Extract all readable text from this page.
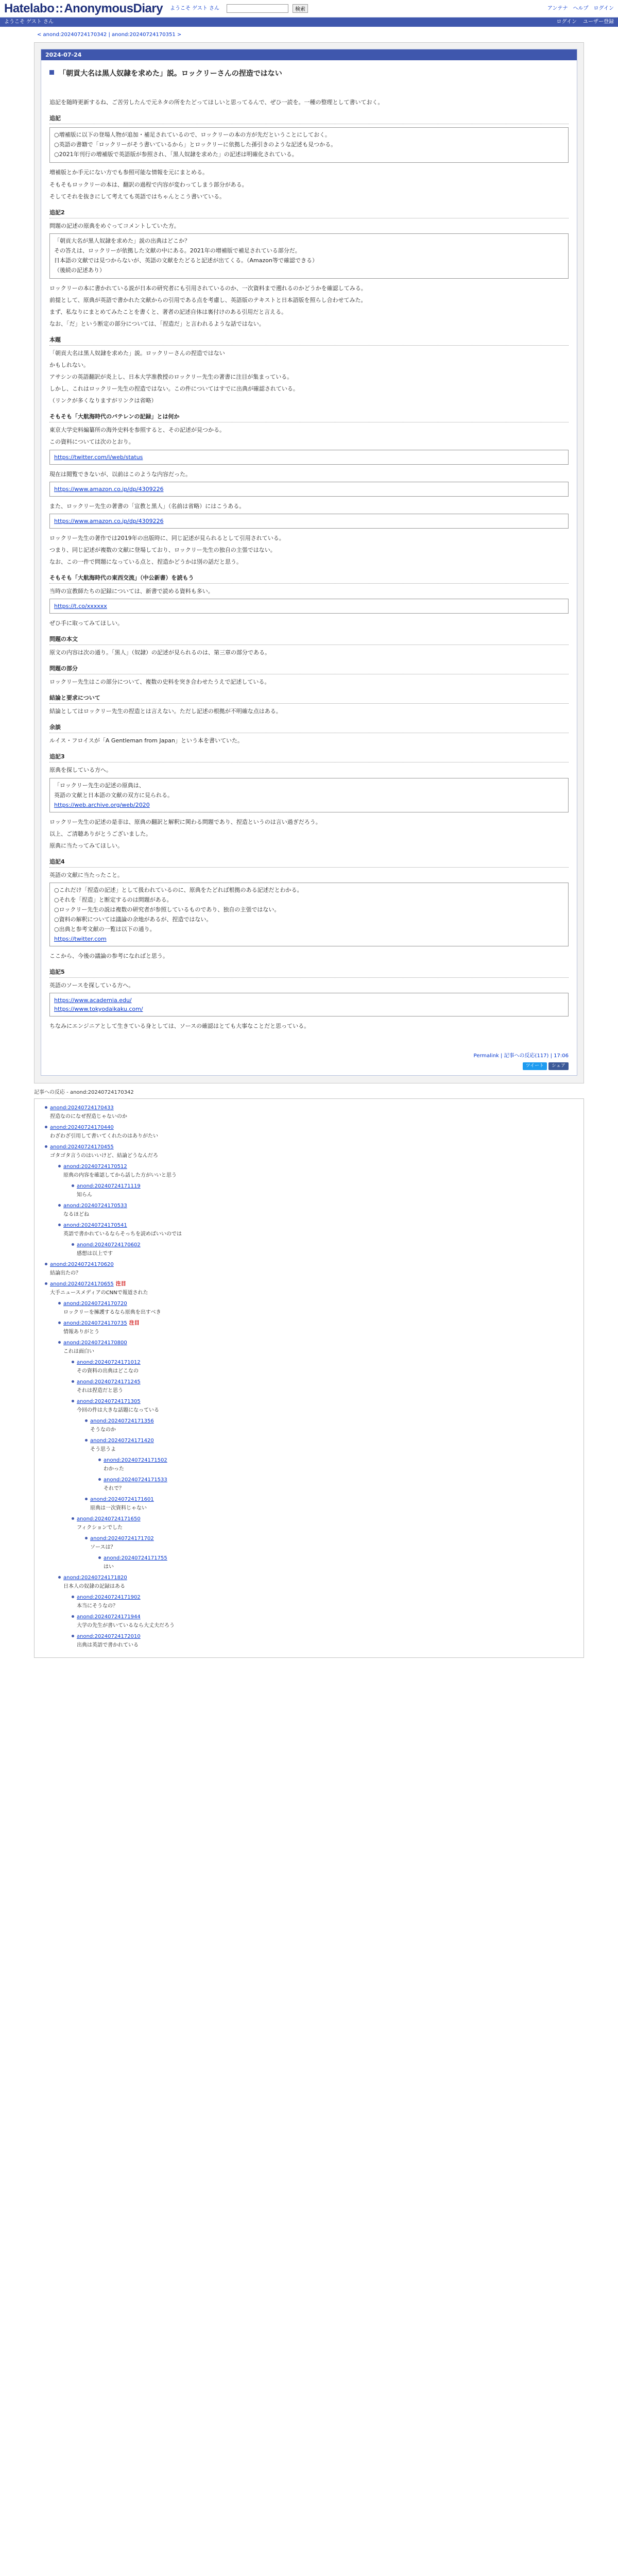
Hatelabo::AnonymousDiary ようこそ ゲスト さん	検索	アンテナ ヘルプ ログイン
ようこそ ゲスト さん	ログイン ユーザー登録
< anond:20240724170342 | anond:20240724170351 >
2024-07-24
「朝貢大名は黒人奴隷を求めた」説。ロックリーさんの捏造ではない

追記を随時更新するね、ご苦労したんで元ネタの所をたどってほしいと思ってるんで、ぜひ一読を。一種の整理として書いておく。

追記

○増補版に以下の登場人物が追加・補足されているので、ロックリーの本の方が先だということにしておく。

○英語の書籍で「ロックリーがそう書いているから」とロックリーに依拠した孫引きのような記述も見つかる。

○2021年刊行の増補版で英語版が参照され、「黒人奴隷を求めた」の記述は明確化されている。

増補版とか手元にない方でも参照可能な情報を元にまとめる。

そもそもロックリーの本は、翻訳の過程で内容が変わってしまう部分がある。

そしてそれを抜きにして考えても英語ではちゃんとこう書いている。

追記2

問題の記述の原典をめぐってコメントしていた方。

「朝貢大名が黒人奴隷を求めた」説の出典はどこか？

その答えは、ロックリーが依拠した文献の中にある。2021年の増補版で補足されている部分だ。

日本語の文献では見つからないが、英語の文献をたどると記述が出てくる。（Amazon等で確認できる）

（後続の記述あり）

ロックリーの本に書かれている説が日本の研究者にも引用されているのか、一次資料まで遡れるのかどうかを確認してみる。

前提として、原典が英語で書かれた文献からの引用である点を考慮し、英語版のテキストと日本語版を照らし合わせてみた。

まず、私なりにまとめてみたことを書くと、著者の記述自体は裏付けのある引用だと言える。

なお、「だ」という断定の部分については、「捏造だ」と言われるような話ではない。

本題

「朝貢大名は黒人奴隷を求めた」説。ロックリーさんの捏造ではない

かもしれない。

アサシンの英語翻訳が炎上し、日本大学准教授のロックリー先生の著書に注目が集まっている。

しかし、これはロックリー先生の捏造ではない。この件についてはすでに出典が確認されている。

（リンクが多くなりますがリンクは省略）

そもそも「大航海時代のバテレンの記録」とは何か

東京大学史料編纂所の海外史料を参照すると、その記述が見つかる。

この資料については次のとおり。

https://twitter.com/i/web/status

現在は閲覧できないが、以前はこのような内容だった。

https://www.amazon.co.jp/dp/4309226

また、ロックリー先生の著書の「宣教と黒人」（名前は省略）にはこうある。

https://www.amazon.co.jp/dp/4309226

ロックリー先生の著作では2019年の出版時に、同じ記述が見られるとして引用されている。

つまり、同じ記述が複数の文献に登場しており、ロックリー先生の独自の主張ではない。

なお、この一件で問題になっている点と、捏造かどうかは別の話だと思う。

そもそも「大航海時代の東西交流」（中公新書）を読もう

当時の宣教師たちの記録については、新書で読める資料も多い。

https://t.co/xxxxxx

ぜひ手に取ってみてほしい。

問題の本文

原文の内容は次の通り。「黒人」（奴隷）の記述が見られるのは、第三章の部分である。

問題の部分

ロックリー先生はこの部分について、複数の史料を突き合わせたうえで記述している。

結論と要求について

結論としてはロックリー先生の捏造とは言えない。ただし記述の根拠が不明確な点はある。

余談

ルイス・フロイスが「A Gentleman from Japan」という本を書いていた。

追記3

原典を探している方へ。

「ロックリー先生の記述の原典は、

英語の文献と日本語の文献の双方に見られる。

https://web.archive.org/web/2020

ロックリー先生の記述の是非は、原典の翻訳と解釈に関わる問題であり、捏造というのは言い過ぎだろう。

以上、ご清聴ありがとうございました。

原典に当たってみてほしい。

追記4

英語の文献に当たったこと。

○これだけ「捏造の記述」として扱われているのに、原典をたどれば根拠のある記述だとわかる。

○それを「捏造」と断定するのは問題がある。

○ロックリー先生の説は複数の研究者が参照しているものであり、独自の主張ではない。

○資料の解釈については議論の余地があるが、捏造ではない。

○出典と参考文献の一覧は以下の通り。

https://twitter.com

ここから、今後の議論の参考になればと思う。

追記5

英語のソースを探している方へ。

https://www.academia.edu/
https://www.tokyodaikaku.com/

ちなみにエンジニアとして生きている身としては、ソースの確認はとても大事なことだと思っている。

Permalink | 記事への反応(117) | 17:06
ツイート	シェア
記事への反応 - anond:20240724170342
anond:20240724170433
捏造なのになぜ捏造じゃないのか
anond:20240724170440
わざわざ引用して書いてくれたのはありがたい
anond:20240724170455
ゴタゴタ言うのはいいけど、結論どうなんだろ
anond:20240724170512
原典の内容を確認してから話した方がいいと思う
anond:20240724171119
知らん
anond:20240724170533
なるほどね
anond:20240724170541
英語で書かれているならそっちを読めばいいのでは
anond:20240724170602
感想は以上です
anond:20240724170620
結論出たの？
anond:20240724170655 注目
大手ニュースメディアのCNNで報道された
anond:20240724170720
ロックリーを擁護するなら原典を出すべき
anond:20240724170735 注目
情報ありがとう
anond:20240724170800
これは面白い
anond:20240724171012
その資料の出典はどこなの
anond:20240724171245
それは捏造だと思う
anond:20240724171305
今回の件は大きな話題になっている
anond:20240724171356
そうなのか
anond:20240724171420
そう思うよ
anond:20240724171502
わかった
anond:20240724171533
それで？
anond:20240724171601
原典は一次資料じゃない
anond:20240724171650
フィクションでした
anond:20240724171702
ソースは？
anond:20240724171755
はい
anond:20240724171820
日本人の奴隷の記録はある
anond:20240724171902
本当にそうなの？
anond:20240724171944
大学の先生が書いているなら大丈夫だろう
anond:20240724172010
出典は英語で書かれている
